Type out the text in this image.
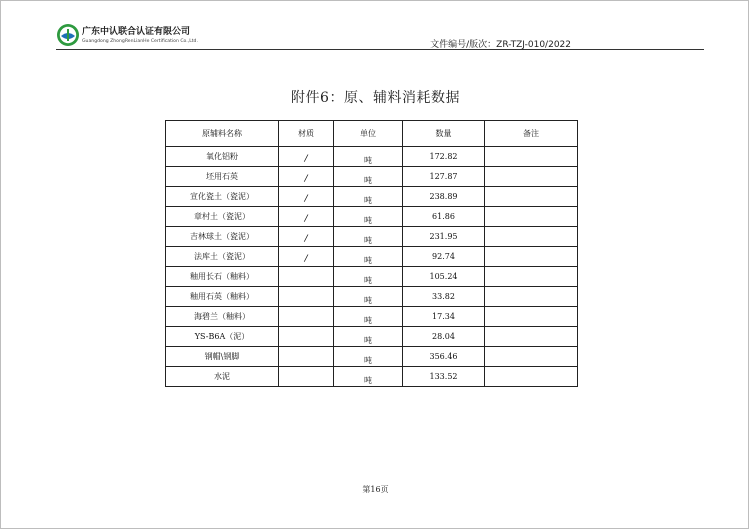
广东中认联合认证有限公司
Guangdong ZhongRenLianHe Certification Co.,Ltd.	文件编号/版次：ZR-TZJ-010/2022
附件6：原、辅料消耗数据
原辅料名称	材质	单位	数量	备注
氧化铝粉	/	吨	172.82	
坯用石英	/	吨	127.87	
宣化瓷土（瓷泥）	/	吨	238.89	
章村土（瓷泥）	/	吨	61.86	
吉林球土（瓷泥）	/	吨	231.95	
法库土（瓷泥）	/	吨	92.74	
釉用长石（釉料）		吨	105.24	
釉用石英（釉料）		吨	33.82	
海碧兰（釉料）		吨	17.34	
YS-B6A（泥）		吨	28.04	
钢帽\钢脚		吨	356.46	
水泥		吨	133.52	
第16页
